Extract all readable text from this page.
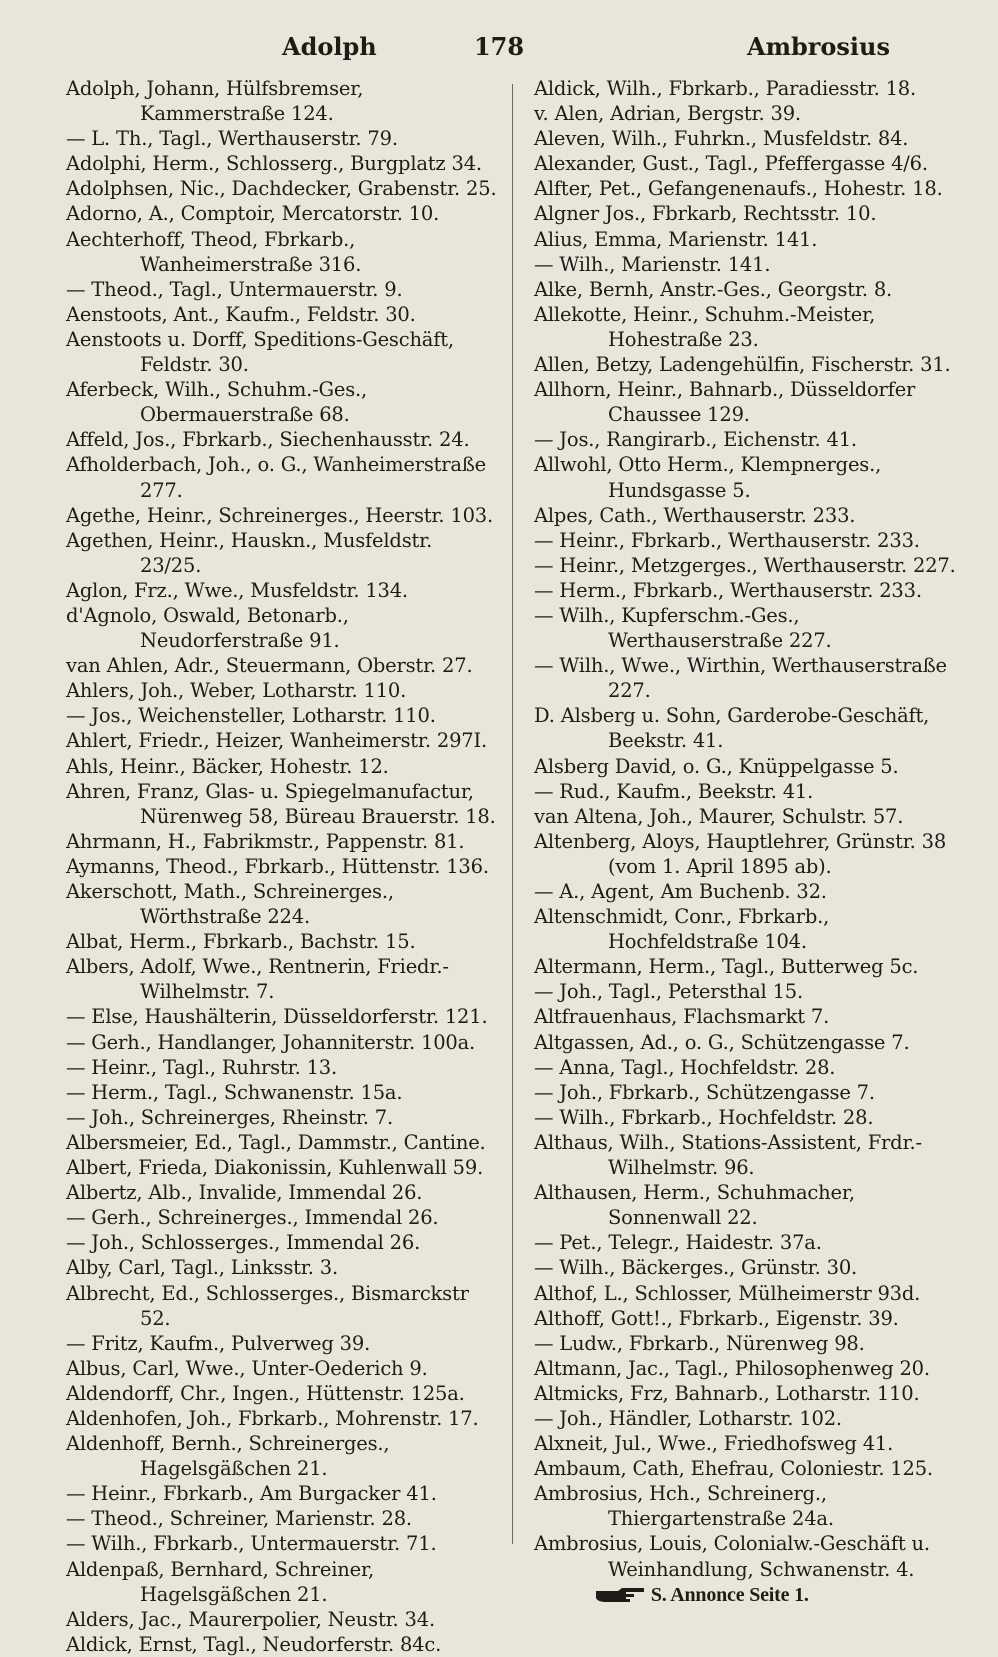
Adolph	178	Ambrosius

Adolph, Johann, Hülfsbremser, Kammerstraße 124.

— L. Th., Tagl., Werthauserstr. 79.

Adolphi, Herm., Schlosserg., Burgplatz 34.

Adolphsen, Nic., Dachdecker, Grabenstr. 25.

Adorno, A., Comptoir, Mercatorstr. 10.

Aechterhoff, Theod, Fbrkarb., Wanheimerstraße 316.

— Theod., Tagl., Untermauerstr. 9.

Aenstoots, Ant., Kaufm., Feldstr. 30.

Aenstoots u. Dorff, Speditions-Geschäft, Feldstr. 30.

Aferbeck, Wilh., Schuhm.-Ges., Obermauerstraße 68.

Affeld, Jos., Fbrkarb., Siechenhausstr. 24.

Afholderbach, Joh., o. G., Wanheimerstraße 277.

Agethe, Heinr., Schreinerges., Heerstr. 103.

Agethen, Heinr., Hauskn., Musfeldstr. 23/25.

Aglon, Frz., Wwe., Musfeldstr. 134.

d'Agnolo, Oswald, Betonarb., Neudorferstraße 91.

van Ahlen, Adr., Steuermann, Oberstr. 27.

Ahlers, Joh., Weber, Lotharstr. 110.

— Jos., Weichensteller, Lotharstr. 110.

Ahlert, Friedr., Heizer, Wanheimerstr. 297I.

Ahls, Heinr., Bäcker, Hohestr. 12.

Ahren, Franz, Glas- u. Spiegelmanufactur, Nürenweg 58, Büreau Brauerstr. 18.

Ahrmann, H., Fabrikmstr., Pappenstr. 81.

Aymanns, Theod., Fbrkarb., Hüttenstr. 136.

Akerschott, Math., Schreinerges., Wörthstraße 224.

Albat, Herm., Fbrkarb., Bachstr. 15.

Albers, Adolf, Wwe., Rentnerin, Friedr.-Wilhelmstr. 7.

— Else, Haushälterin, Düsseldorferstr. 121.

— Gerh., Handlanger, Johanniterstr. 100a.

— Heinr., Tagl., Ruhrstr. 13.

— Herm., Tagl., Schwanenstr. 15a.

— Joh., Schreinerges, Rheinstr. 7.

Albersmeier, Ed., Tagl., Dammstr., Cantine.

Albert, Frieda, Diakonissin, Kuhlenwall 59.

Albertz, Alb., Invalide, Immendal 26.

— Gerh., Schreinerges., Immendal 26.

— Joh., Schlosserges., Immendal 26.

Alby, Carl, Tagl., Linksstr. 3.

Albrecht, Ed., Schlosserges., Bismarckstr 52.

— Fritz, Kaufm., Pulverweg 39.

Albus, Carl, Wwe., Unter-Oederich 9.

Aldendorff, Chr., Ingen., Hüttenstr. 125a.

Aldenhofen, Joh., Fbrkarb., Mohrenstr. 17.

Aldenhoff, Bernh., Schreinerges., Hagelsgäßchen 21.

— Heinr., Fbrkarb., Am Burgacker 41.

— Theod., Schreiner, Marienstr. 28.

— Wilh., Fbrkarb., Untermauerstr. 71.

Aldenpaß, Bernhard, Schreiner, Hagelsgäßchen 21.

Alders, Jac., Maurerpolier, Neustr. 34.

Aldick, Ernst, Tagl., Neudorferstr. 84c.

Aldick, Wilh., Fbrkarb., Paradiesstr. 18.

v. Alen, Adrian, Bergstr. 39.

Aleven, Wilh., Fuhrkn., Musfeldstr. 84.

Alexander, Gust., Tagl., Pfeffergasse 4/6.

Alfter, Pet., Gefangenenaufs., Hohestr. 18.

Algner Jos., Fbrkarb, Rechtsstr. 10.

Alius, Emma, Marienstr. 141.

— Wilh., Marienstr. 141.

Alke, Bernh, Anstr.-Ges., Georgstr. 8.

Allekotte, Heinr., Schuhm.-Meister, Hohestraße 23.

Allen, Betzy, Ladengehülfin, Fischerstr. 31.

Allhorn, Heinr., Bahnarb., Düsseldorfer Chaussee 129.

— Jos., Rangirarb., Eichenstr. 41.

Allwohl, Otto Herm., Klempnerges., Hundsgasse 5.

Alpes, Cath., Werthauserstr. 233.

— Heinr., Fbrkarb., Werthauserstr. 233.

— Heinr., Metzgerges., Werthauserstr. 227.

— Herm., Fbrkarb., Werthauserstr. 233.

— Wilh., Kupferschm.-Ges., Werthauserstraße 227.

— Wilh., Wwe., Wirthin, Werthauserstraße 227.

D. Alsberg u. Sohn, Garderobe-Geschäft, Beekstr. 41.

Alsberg David, o. G., Knüppelgasse 5.

— Rud., Kaufm., Beekstr. 41.

van Altena, Joh., Maurer, Schulstr. 57.

Altenberg, Aloys, Hauptlehrer, Grünstr. 38 (vom 1. April 1895 ab).

— A., Agent, Am Buchenb. 32.

Altenschmidt, Conr., Fbrkarb., Hochfeldstraße 104.

Altermann, Herm., Tagl., Butterweg 5c.

— Joh., Tagl., Petersthal 15.

Altfrauenhaus, Flachsmarkt 7.

Altgassen, Ad., o. G., Schützengasse 7.

— Anna, Tagl., Hochfeldstr. 28.

— Joh., Fbrkarb., Schützengasse 7.

— Wilh., Fbrkarb., Hochfeldstr. 28.

Althaus, Wilh., Stations-Assistent, Frdr.-Wilhelmstr. 96.

Althausen, Herm., Schuhmacher, Sonnenwall 22.

— Pet., Telegr., Haidestr. 37a.

— Wilh., Bäckerges., Grünstr. 30.

Althof, L., Schlosser, Mülheimerstr 93d.

Althoff, Gott!., Fbrkarb., Eigenstr. 39.

— Ludw., Fbrkarb., Nürenweg 98.

Altmann, Jac., Tagl., Philosophenweg 20.

Altmicks, Frz, Bahnarb., Lotharstr. 110.

— Joh., Händler, Lotharstr. 102.

Alxneit, Jul., Wwe., Friedhofsweg 41.

Ambaum, Cath, Ehefrau, Coloniestr. 125.

Ambrosius, Hch., Schreinerg., Thiergartenstraße 24a.

Ambrosius, Louis, Colonialw.-Geschäft u. Weinhandlung, Schwanenstr. 4.

S. Annonce Seite 1.
